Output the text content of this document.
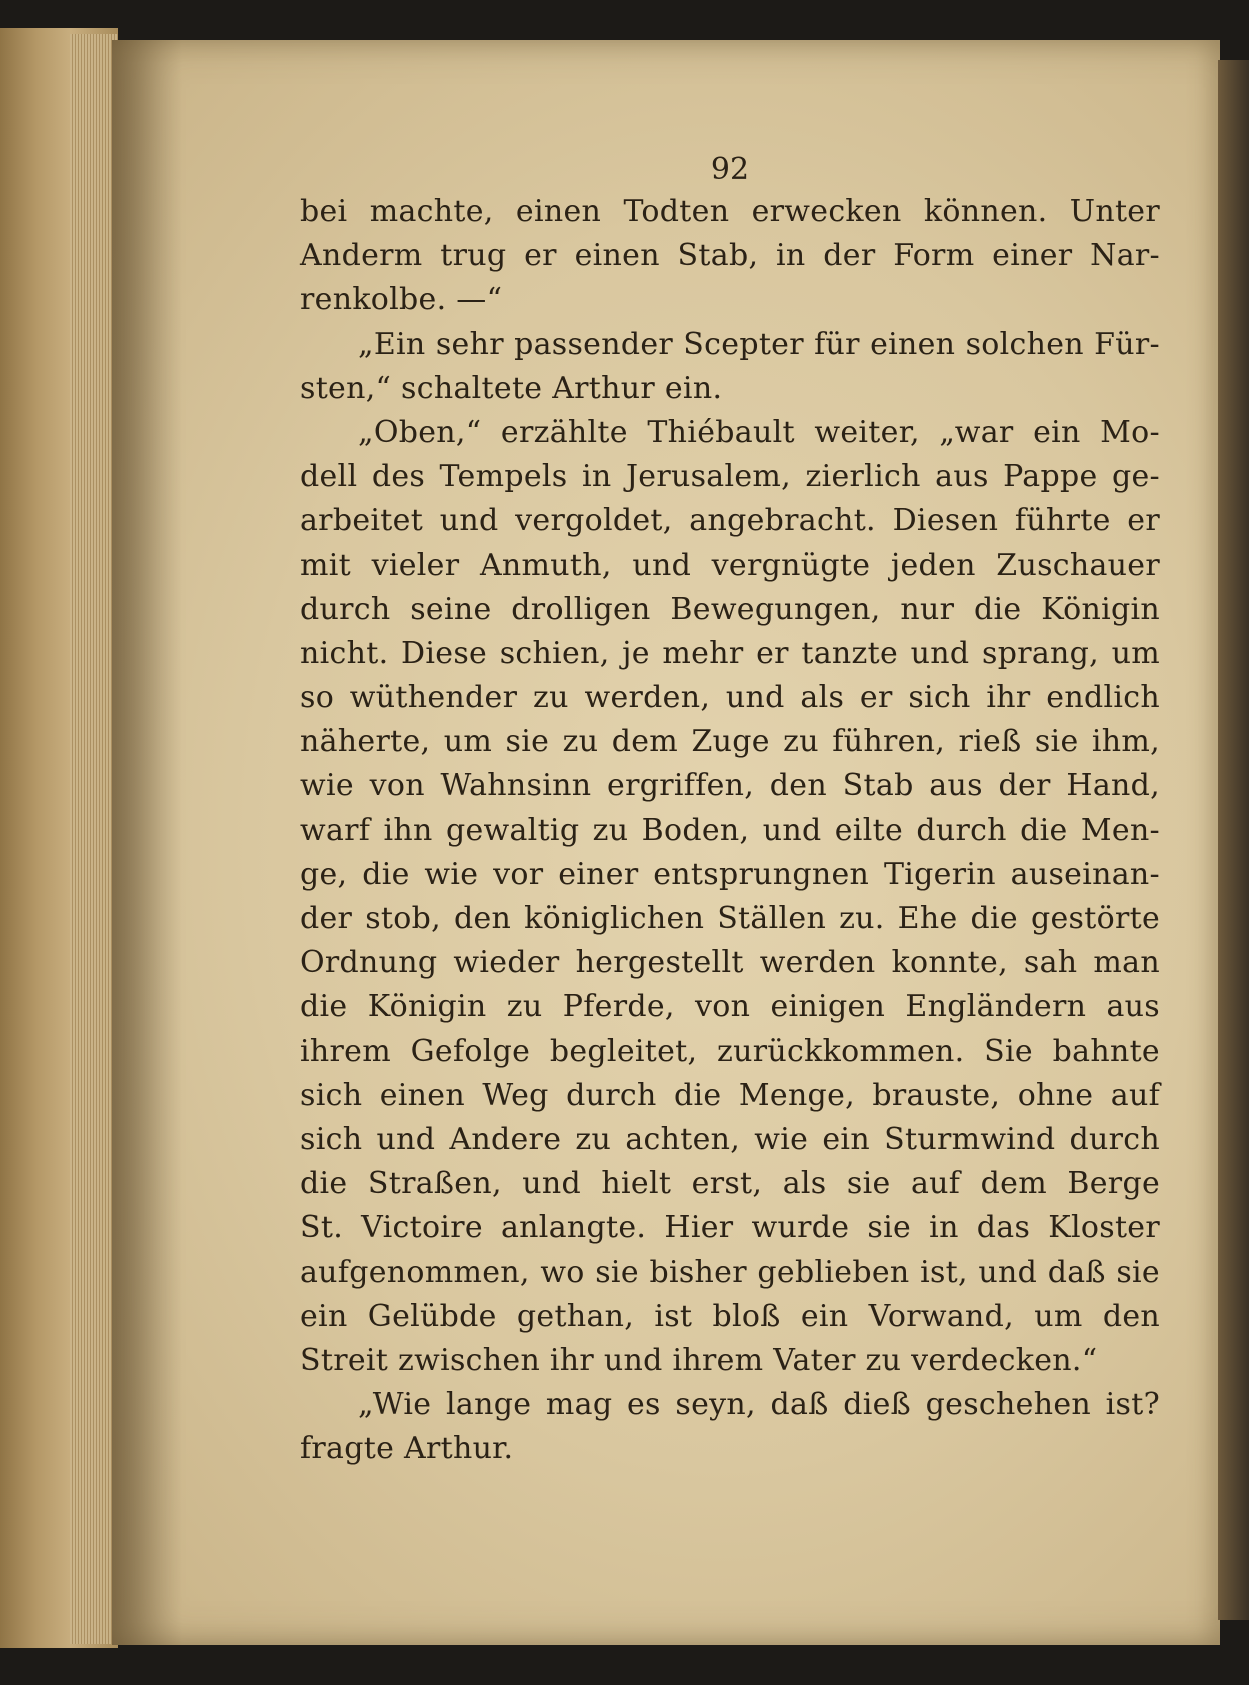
92
bei machte, einen Todten erwecken können. Unter
Anderm trug er einen Stab, in der Form einer Nar-
renkolbe. —“
„Ein sehr passender Scepter für einen solchen Für-
sten,“ schaltete Arthur ein.
„Oben,“ erzählte Thiébault weiter, „war ein Mo-
dell des Tempels in Jerusalem, zierlich aus Pappe ge-
arbeitet und vergoldet, angebracht. Diesen führte er
mit vieler Anmuth, und vergnügte jeden Zuschauer
durch seine drolligen Bewegungen, nur die Königin
nicht. Diese schien, je mehr er tanzte und sprang, um
so wüthender zu werden, und als er sich ihr endlich
näherte, um sie zu dem Zuge zu führen, rieß sie ihm,
wie von Wahnsinn ergriffen, den Stab aus der Hand,
warf ihn gewaltig zu Boden, und eilte durch die Men-
ge, die wie vor einer entsprungnen Tigerin auseinan-
der stob, den königlichen Ställen zu. Ehe die gestörte
Ordnung wieder hergestellt werden konnte, sah man
die Königin zu Pferde, von einigen Engländern aus
ihrem Gefolge begleitet, zurückkommen. Sie bahnte
sich einen Weg durch die Menge, brauste, ohne auf
sich und Andere zu achten, wie ein Sturmwind durch
die Straßen, und hielt erst, als sie auf dem Berge
St. Victoire anlangte. Hier wurde sie in das Kloster
aufgenommen, wo sie bisher geblieben ist, und daß sie
ein Gelübde gethan, ist bloß ein Vorwand, um den
Streit zwischen ihr und ihrem Vater zu verdecken.“
„Wie lange mag es seyn, daß dieß geschehen ist?
fragte Arthur.
